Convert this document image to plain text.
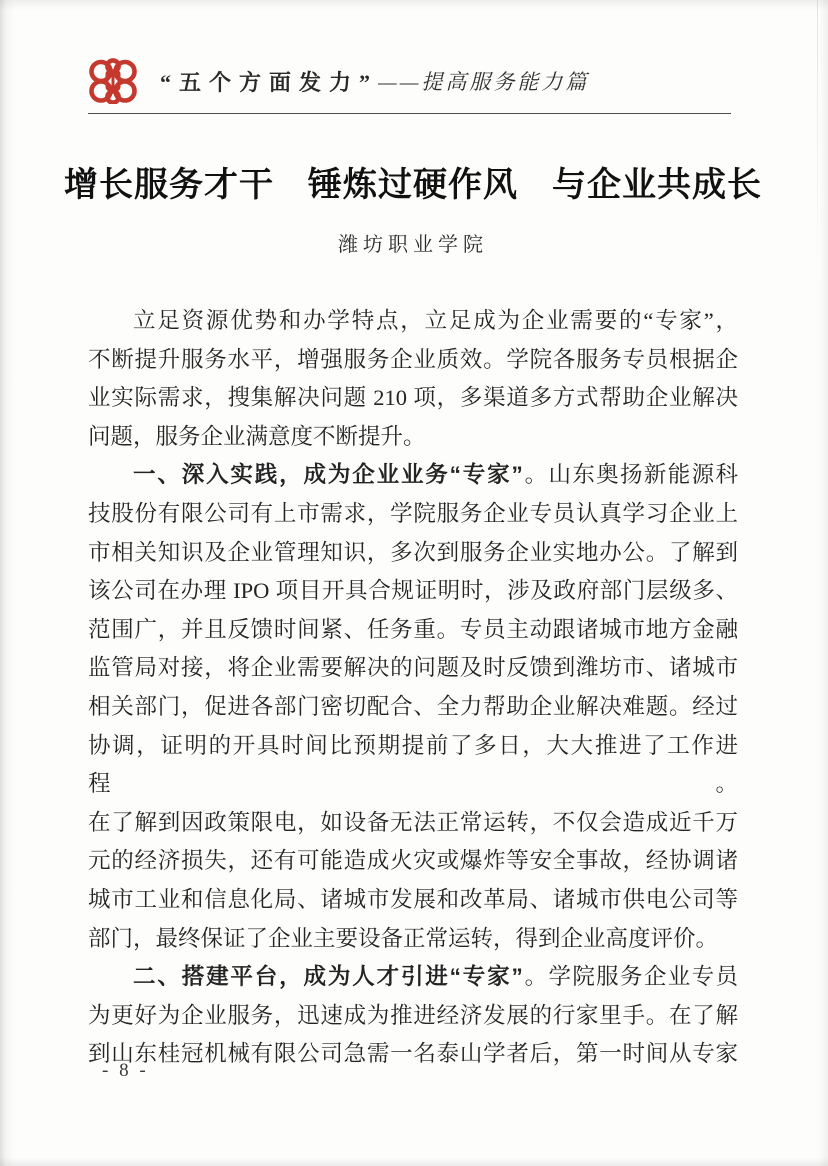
“五个方面发力” ——提高服务能力篇
增长服务才干 锤炼过硬作风 与企业共成长
潍坊职业学院
立足资源优势和办学特点，立足成为企业需要的“专家”，
不断提升服务水平，增强服务企业质效。学院各服务专员根据企
业实际需求，搜集解决问题 210 项，多渠道多方式帮助企业解决
问题，服务企业满意度不断提升。
一、深入实践，成为企业业务“专家”。山东奥扬新能源科
技股份有限公司有上市需求，学院服务企业专员认真学习企业上
市相关知识及企业管理知识，多次到服务企业实地办公。了解到
该公司在办理 IPO 项目开具合规证明时，涉及政府部门层级多、
范围广，并且反馈时间紧、任务重。专员主动跟诸城市地方金融
监管局对接，将企业需要解决的问题及时反馈到潍坊市、诸城市
相关部门，促进各部门密切配合、全力帮助企业解决难题。经过
协调，证明的开具时间比预期提前了多日，大大推进了工作进程。
在了解到因政策限电，如设备无法正常运转，不仅会造成近千万
元的经济损失，还有可能造成火灾或爆炸等安全事故，经协调诸
城市工业和信息化局、诸城市发展和改革局、诸城市供电公司等
部门，最终保证了企业主要设备正常运转，得到企业高度评价。
二、搭建平台，成为人才引进“专家”。学院服务企业专员
为更好为企业服务，迅速成为推进经济发展的行家里手。在了解
到山东桂冠机械有限公司急需一名泰山学者后，第一时间从专家
- 8 -
